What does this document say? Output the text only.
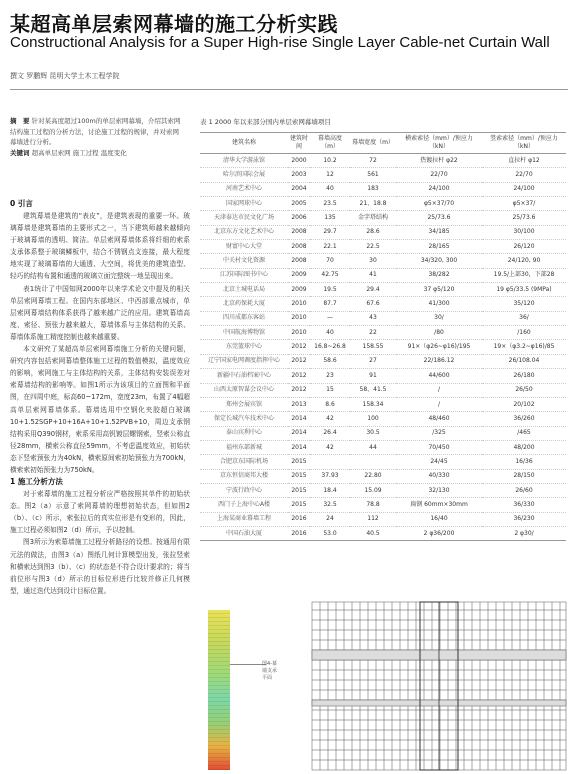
某超高单层索网幕墙的施工分析实践
Constructional Analysis for a Super High-rise Single Layer Cable-net Curtain Wall
撰文 罗鹏辉 昆明大学土木工程学院
摘　要 针对某高度超过100m的单层索网幕墙，介绍其索网结构施工过程的分析方法，讨论施工过程的规律，并对索网幕墙进行分析。
关键词 超高单层索网 施工过程 温度变化
0 引言

建筑幕墙是建筑的“表皮”，是建筑表现的重要一环。玻璃幕墙是建筑幕墙的主要形式之一，当下建筑师越来越倾向于玻璃幕墙的透明、简洁。单层索网幕墙体系将纤细的索系支承体系整于玻璃鳞板中，结合不锈钢点支连接，最大程度地实现了玻璃幕墙的大通透、大空间，将优美的建筑造型、轻巧的结构布置和通透的玻璃立面完整统一地呈现出来。

表1统计了中国知网2000年以来学术论文中提及的相关单层索网幕墙工程。在国内东部地区、中西部重点城市，单层索网幕墙结构体系获得了越来越广泛的应用。建筑幕墙高度、索径、预张力越来越大，幕墙体系与主体结构的关系、幕墙体系施工精度控制也越来越重要。

本文研究了某超高单层索网幕墙施工分析的关键问题，研究内容包括索网幕墙整体施工过程的数值模拟，温度效应的影响，索网施工与主体结构的关系，主体结构安装误差对索幕墙结构的影响等。如图1所示为该项目的立面图和平面图，在四周中庭，标高60~172m，宽度23m，布置了4幅超高单层索网幕墙体系。幕墙选用中空钢化夹胶超白玻璃10+1.52SGP+10+16A+10+1.52PVB+10，周边支承钢结构采用Q390钢材，索系采用高钒镀层螺钢索，竖索公称直径28mm，横索公称直径59mm，不考虑温度效应，初始状态下竖索预张力为40kN，横索原间索初始预张力为700kN，横索索初始预张力为750kN。

1 施工分析方法

对于索幕墙的施工过程分析应严格按照其单件的初始状态。图2（a）示意了索网幕墙的理想初始状态，但如图2（b）、（c）所示，索张拉后的真实位形是有变形的，因此，施工过程必须如图2（d）所示，予以控制。

图3所示为索幕墙施工过程分析路径的设想。按通用有限元法的做法，由图3（a）图纸几何计算模型出发，张拉竖索和横索达到图3（b）、（c）的状态是不符合设计要求的；将当前位形与图3（d）所示的目标位形进行比较并修正几何模型，通过迭代达到设计目标位置。

表 1 2000 年以来部分国内单层索网幕墙项目
建筑名称	建筑时间	幕墙高度（m）	幕墙宽度（m）	横索索径（mm）/预应力（kN）	竖索索径（mm）/预应力（kN）
清华大学游泳馆	2000	10.2	72	热镀拉杆 φ22	直拉杆 φ12
哈尔滨国际会展	2003	12	561	22/70	22/70
河南艺术中心	2004	40	183	24/100	24/100
国家网球中心	2005	23.5	21、18.8	φ5×37/70	φ5×37/
天津泰达市民文化广场	2006	135	金字塔结构	25/73.6	25/73.6
北京东方文化艺术中心	2008	29.7	28.6	34/185	30/100
财富中心大堂	2008	22.1	22.5	28/165	26/120
中关村文化资源	2008	70	30	34/320, 300	24/120, 90
江苏国际图书中心	2009	42.75	41	38/282	19.5/上部30，下部28
北京土城电话局	2009	19.5	29.4	37 φ5/120	19 φ5/33.5 (9MPa)
北京药保耗大厦	2010	87.7	67.6	41/300	35/120
四川成都东客站	2010	—	43	30/	36/
中国航海博物馆	2010	40	22	/80	/160
东莞篮球中心	2012	16.8~26.8	158.55	91×（φ26~φ16)/195	19×（φ3.2~φ16)/85
辽宁国家电网调度指挥中心	2012	58.6	27	22/186.12	26/108.04
新疆中石油档案中心	2012	23	91	44/600	26/180
山西太原智谋会议中心	2012	15	58、41.5	/	26/50
郑州会展宾馆	2013	8.6	158.34	/	20/102
保定长城汽车技术中心	2014	42	100	48/460	36/260
泰山宾利中心	2014	26.4	30.5	/325	/465
福州东部新城	2014	42	44	70/450	48/200
合肥京东国际机场	2015			24/45	16/36
京东恒信商邦大楼	2015	37.93	22.80	40/330	28/150
宁波行政中心	2015	18.4	15.09	32/130	26/60
西门子上海中心A楼	2015	32.5	78.8	扁钢 60mm×30mm	36/330
上海某商业幕墙工程	2016	24	112	16/40	36/230
中国石油大厦	2016	53.0	40.5	2 φ36/200	2 φ30/
图4-幕墙支承平面
